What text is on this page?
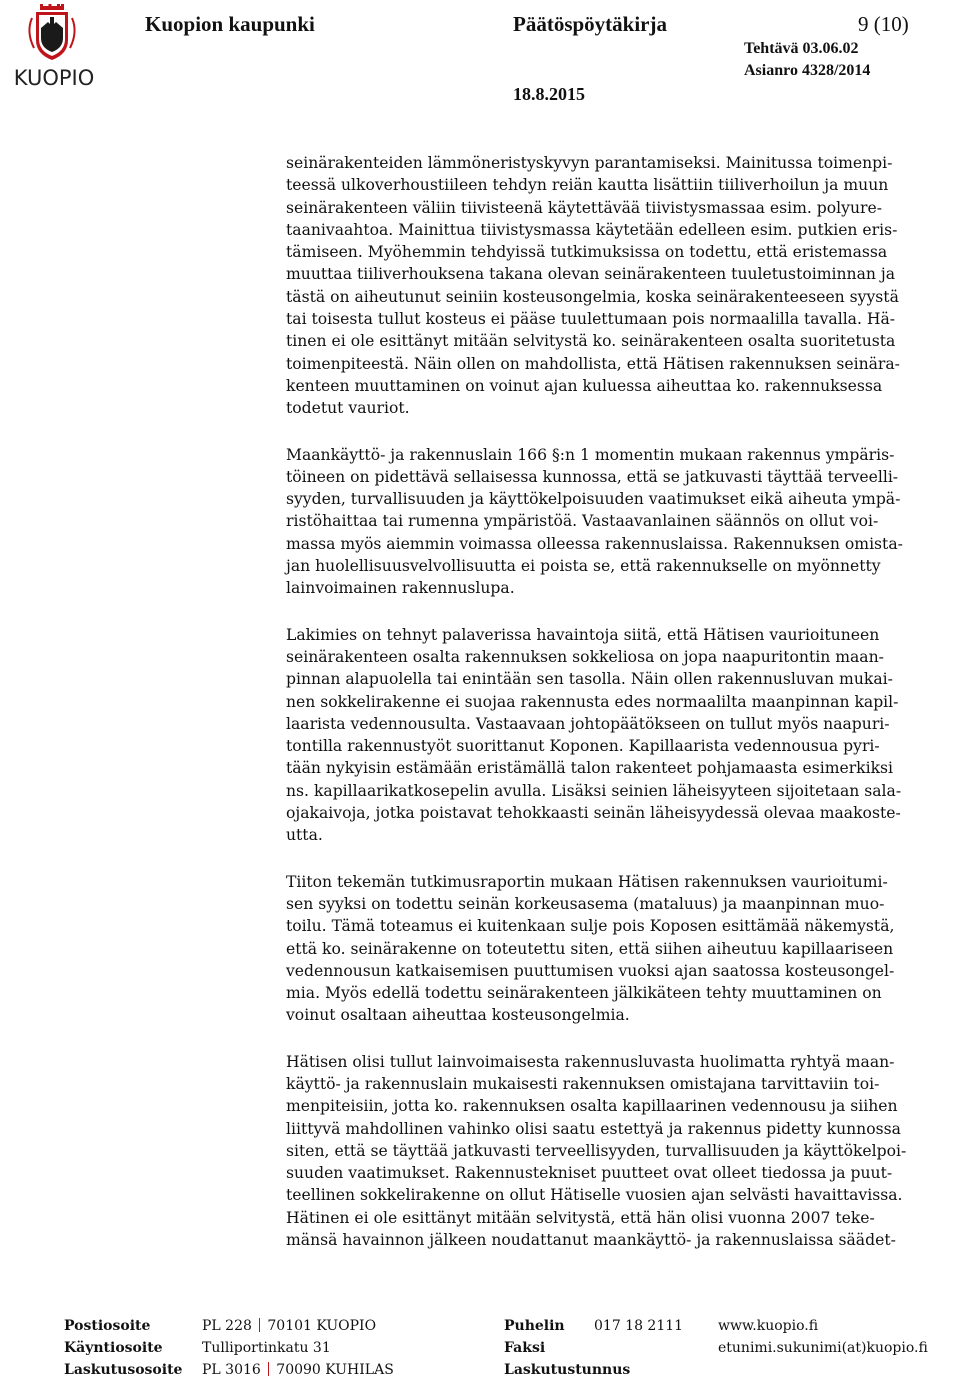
KUOPIO
Kuopion kaupunki	Päätöspöytäkirja	9 (10)
Tehtävä 03.06.02
Asianro 4328/2014
18.8.2015

seinärakenteiden lämmöneristyskyvyn parantamiseksi. Mainitussa toimenpi-
teessä ulkoverhoustiileen tehdyn reiän kautta lisättiin tiiliverhoilun ja muun
seinärakenteen väliin tiivisteenä käytettävää tiivistysmassaa esim. polyure-
taanivaahtoa. Mainittua tiivistysmassa käytetään edelleen esim. putkien eris-
tämiseen. Myöhemmin tehdyissä tutkimuksissa on todettu, että eristemassa
muuttaa tiiliverhouksena takana olevan seinärakenteen tuuletustoiminnan ja
tästä on aiheutunut seiniin kosteusongelmia, koska seinärakenteeseen syystä
tai toisesta tullut kosteus ei pääse tuulettumaan pois normaalilla tavalla. Hä-
tinen ei ole esittänyt mitään selvitystä ko. seinärakenteen osalta suoritetusta
toimenpiteestä. Näin ollen on mahdollista, että Hätisen rakennuksen seinära-
kenteen muuttaminen on voinut ajan kuluessa aiheuttaa ko. rakennuksessa
todetut vauriot.

Maankäyttö- ja rakennuslain 166 §:n 1 momentin mukaan rakennus ympäris-
töineen on pidettävä sellaisessa kunnossa, että se jatkuvasti täyttää terveelli-
syyden, turvallisuuden ja käyttökelpoisuuden vaatimukset eikä aiheuta ympä-
ristöhaittaa tai rumenna ympäristöä. Vastaavanlainen säännös on ollut voi-
massa myös aiemmin voimassa olleessa rakennuslaissa. Rakennuksen omista-
jan huolellisuusvelvollisuutta ei poista se, että rakennukselle on myönnetty
lainvoimainen rakennuslupa.

Lakimies on tehnyt palaverissa havaintoja siitä, että Hätisen vaurioituneen
seinärakenteen osalta rakennuksen sokkeliosa on jopa naapuritontin maan-
pinnan alapuolella tai enintään sen tasolla. Näin ollen rakennusluvan mukai-
nen sokkelirakenne ei suojaa rakennusta edes normaalilta maanpinnan kapil-
laarista vedennousulta. Vastaavaan johtopäätökseen on tullut myös naapuri-
tontilla rakennustyöt suorittanut Koponen. Kapillaarista vedennousua pyri-
tään nykyisin estämään eristämällä talon rakenteet pohjamaasta esimerkiksi
ns. kapillaarikatkosepelin avulla. Lisäksi seinien läheisyyteen sijoitetaan sala-
ojakaivoja, jotka poistavat tehokkaasti seinän läheisyydessä olevaa maakoste-
utta.

Tiiton tekemän tutkimusraportin mukaan Hätisen rakennuksen vaurioitumi-
sen syyksi on todettu seinän korkeusasema (mataluus) ja maanpinnan muo-
toilu. Tämä toteamus ei kuitenkaan sulje pois Koposen esittämää näkemystä,
että ko. seinärakenne on toteutettu siten, että siihen aiheutuu kapillaariseen
vedennousun katkaisemisen puuttumisen vuoksi ajan saatossa kosteusongel-
mia. Myös edellä todettu seinärakenteen jälkikäteen tehty muuttaminen on
voinut osaltaan aiheuttaa kosteusongelmia.

Hätisen olisi tullut lainvoimaisesta rakennusluvasta huolimatta ryhtyä maan-
käyttö- ja rakennuslain mukaisesti rakennuksen omistajana tarvittaviin toi-
menpiteisiin, jotta ko. rakennuksen osalta kapillaarinen vedennousu ja siihen
liittyvä mahdollinen vahinko olisi saatu estettyä ja rakennus pidetty kunnossa
siten, että se täyttää jatkuvasti terveellisyyden, turvallisuuden ja käyttökelpoi-
suuden vaatimukset. Rakennustekniset puutteet ovat olleet tiedossa ja puut-
teellinen sokkelirakenne on ollut Hätiselle vuosien ajan selvästi havaittavissa.
Hätinen ei ole esittänyt mitään selvitystä, että hän olisi vuonna 2007 teke-
mänsä havainnon jälkeen noudattanut maankäyttö- ja rakennuslaissa säädet-

Postiosoite	PL 228 70101 KUOPIO	Puhelin 017 18 2111 www.kuopio.fi
Käyntiosoite	Tulliportinkatu 31	Faksi	etunimi.sukunimi(at)kuopio.fi
Laskutusosoite PL 3016 70090 KUHILAS	Laskutustunnus
